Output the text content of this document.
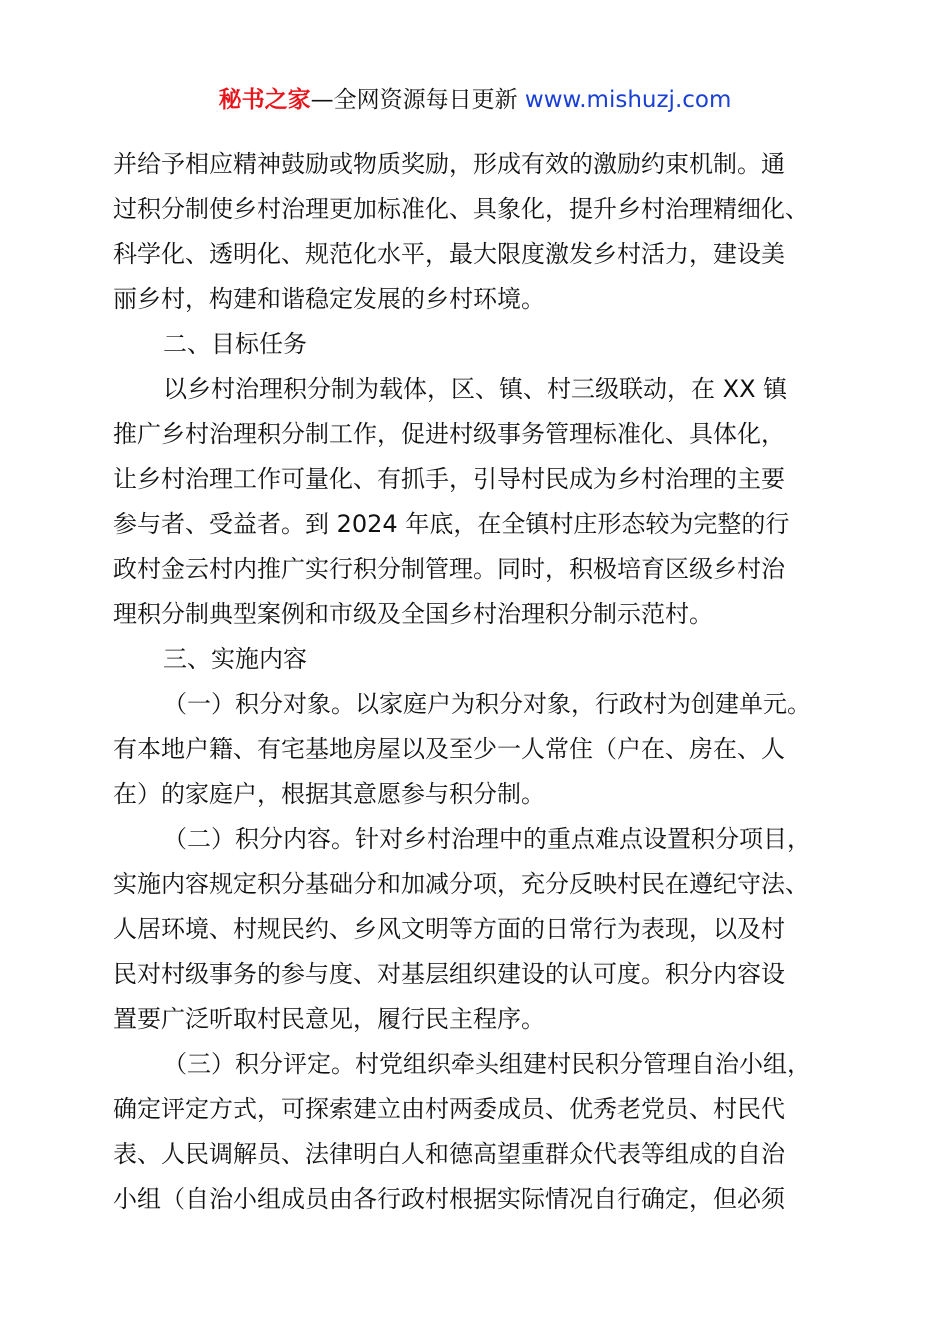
秘书之家—全网资源每日更新 www.mishuzj.com
并给予相应精神鼓励或物质奖励，形成有效的激励约束机制。通
过积分制使乡村治理更加标准化、具象化，提升乡村治理精细化、
科学化、透明化、规范化水平，最大限度激发乡村活力，建设美
丽乡村，构建和谐稳定发展的乡村环境。
二、目标任务
以乡村治理积分制为载体，区、镇、村三级联动，在 XX 镇
推广乡村治理积分制工作，促进村级事务管理标准化、具体化，
让乡村治理工作可量化、有抓手，引导村民成为乡村治理的主要
参与者、受益者。到 2024 年底，在全镇村庄形态较为完整的行
政村金云村内推广实行积分制管理。同时，积极培育区级乡村治
理积分制典型案例和市级及全国乡村治理积分制示范村。
三、实施内容
（一）积分对象。以家庭户为积分对象，行政村为创建单元。
有本地户籍、有宅基地房屋以及至少一人常住（户在、房在、人
在）的家庭户，根据其意愿参与积分制。
（二）积分内容。针对乡村治理中的重点难点设置积分项目，
实施内容规定积分基础分和加减分项，充分反映村民在遵纪守法、
人居环境、村规民约、乡风文明等方面的日常行为表现，以及村
民对村级事务的参与度、对基层组织建设的认可度。积分内容设
置要广泛听取村民意见，履行民主程序。
（三）积分评定。村党组织牵头组建村民积分管理自治小组，
确定评定方式，可探索建立由村两委成员、优秀老党员、村民代
表、人民调解员、法律明白人和德高望重群众代表等组成的自治
小组（自治小组成员由各行政村根据实际情况自行确定，但必须
